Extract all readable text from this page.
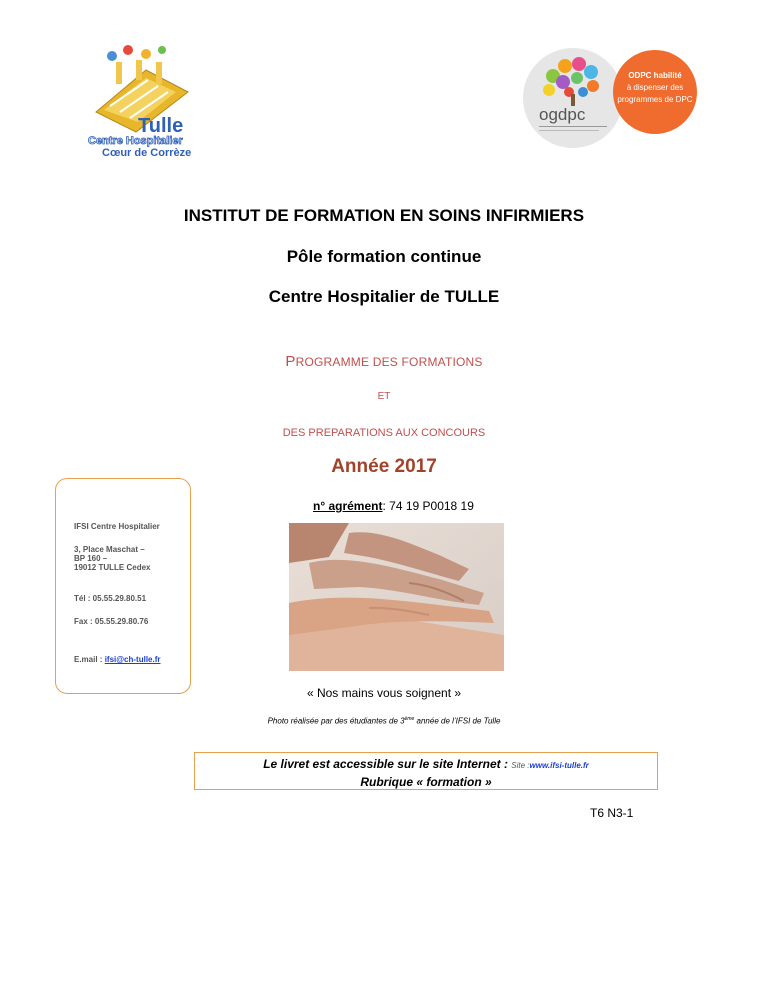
Tulle
Centre Hospitalier
Cœur de Corrèze
ogdpc
ODPC habilité
à dispenser des
programmes de DPC
INSTITUT DE FORMATION EN SOINS INFIRMIERS
Pôle formation continue
Centre Hospitalier de TULLE
PROGRAMME DES FORMATIONS
ET
DES PREPARATIONS AUX CONCOURS
Année 2017
n° agrément: 74 19 P0018 19
IFSI Centre Hospitalier
3, Place Maschat –
BP 160 –
19012 TULLE Cedex
Tél : 05.55.29.80.51
Fax : 05.55.29.80.76
E.mail : ifsi@ch-tulle.fr
« Nos mains vous soignent »
Photo réalisée par des étudiantes de 3ème année de l’IFSI de Tulle
Le livret est accessible sur le site Internet : Site :www.ifsi-tulle.fr
Rubrique « formation »
T6 N3-1
